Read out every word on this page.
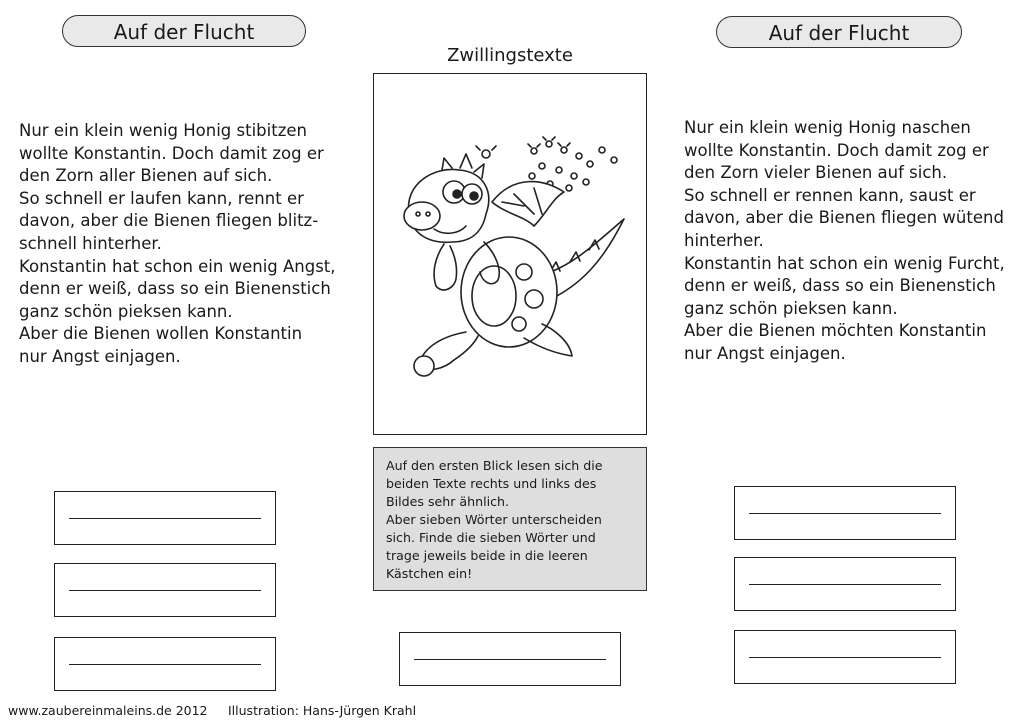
Auf der Flucht	Auf der Flucht
Zwillingstexte
Nur ein klein wenig Honig stibitzen
wollte Konstantin. Doch damit zog er
den Zorn aller Bienen auf sich.
So schnell er laufen kann, rennt er
davon, aber die Bienen fliegen blitz-
schnell hinterher.
Konstantin hat schon ein wenig Angst,
denn er weiß, dass so ein Bienenstich
ganz schön pieksen kann.
Aber die Bienen wollen Konstantin
nur Angst einjagen.
Nur ein klein wenig Honig naschen
wollte Konstantin. Doch damit zog er
den Zorn vieler Bienen auf sich.
So schnell er rennen kann, saust er
davon, aber die Bienen fliegen wütend
hinterher.
Konstantin hat schon ein wenig Furcht,
denn er weiß, dass so ein Bienenstich
ganz schön pieksen kann.
Aber die Bienen möchten Konstantin
nur Angst einjagen.
Auf den ersten Blick lesen sich die
beiden Texte rechts und links des
Bildes sehr ähnlich.
Aber sieben Wörter unterscheiden
sich. Finde die sieben Wörter und
trage jeweils beide in die leeren
Kästchen ein!
www.zaubereinmaleins.de 2012 Illustration: Hans-Jürgen Krahl
